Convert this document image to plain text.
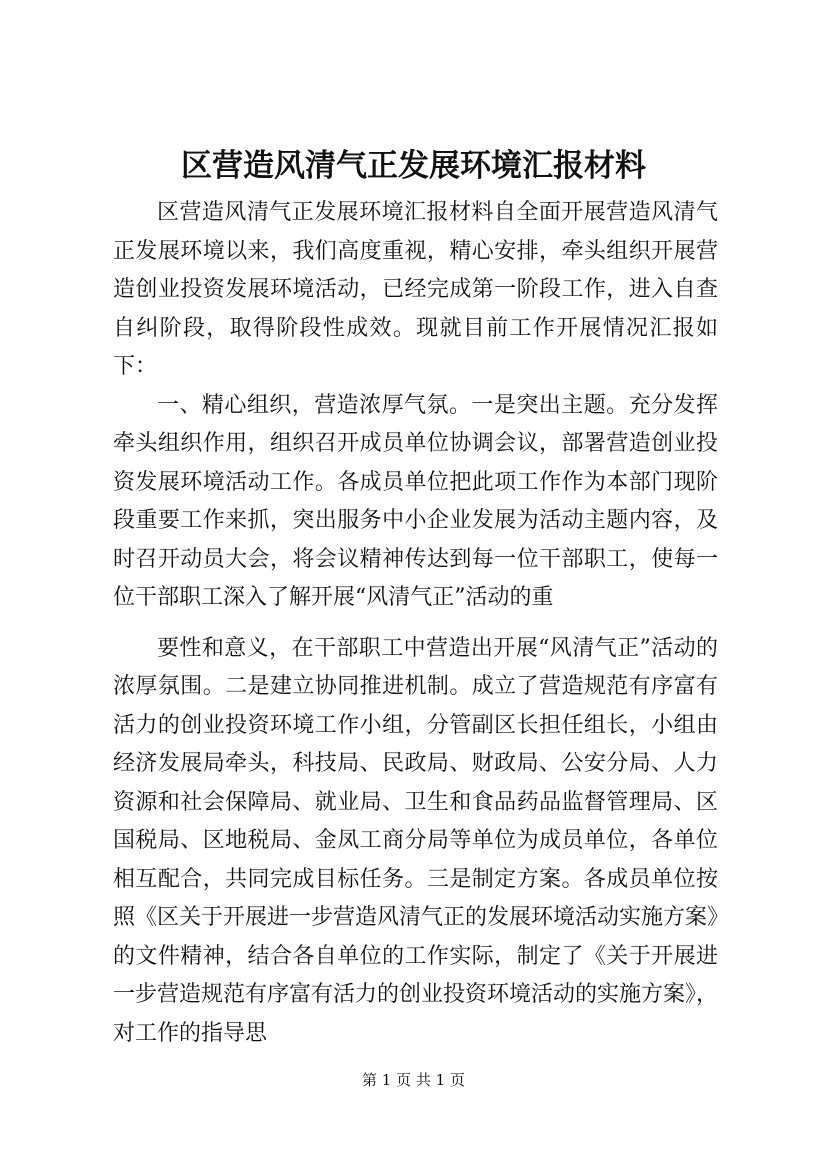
区营造风清气正发展环境汇报材料

区营造风清气正发展环境汇报材料自全面开展营造风清气正发展环境以来，我们高度重视，精心安排，牵头组织开展营造创业投资发展环境活动，已经完成第一阶段工作，进入自查自纠阶段，取得阶段性成效。现就目前工作开展情况汇报如下：

一、精心组织，营造浓厚气氛。一是突出主题。充分发挥牵头组织作用，组织召开成员单位协调会议，部署营造创业投资发展环境活动工作。各成员单位把此项工作作为本部门现阶段重要工作来抓，突出服务中小企业发展为活动主题内容，及时召开动员大会，将会议精神传达到每一位干部职工，使每一位干部职工深入了解开展“风清气正”活动的重

要性和意义，在干部职工中营造出开展“风清气正”活动的浓厚氛围。二是建立协同推进机制。成立了营造规范有序富有活力的创业投资环境工作小组，分管副区长担任组长，小组由经济发展局牵头，科技局、民政局、财政局、公安分局、人力资源和社会保障局、就业局、卫生和食品药品监督管理局、区国税局、区地税局、金凤工商分局等单位为成员单位，各单位相互配合，共同完成目标任务。三是制定方案。各成员单位按照《区关于开展进一步营造风清气正的发展环境活动实施方案》的文件精神，结合各自单位的工作实际，制定了《关于开展进一步营造规范有序富有活力的创业投资环境活动的实施方案》，对工作的指导思

第 1 页 共 1 页
